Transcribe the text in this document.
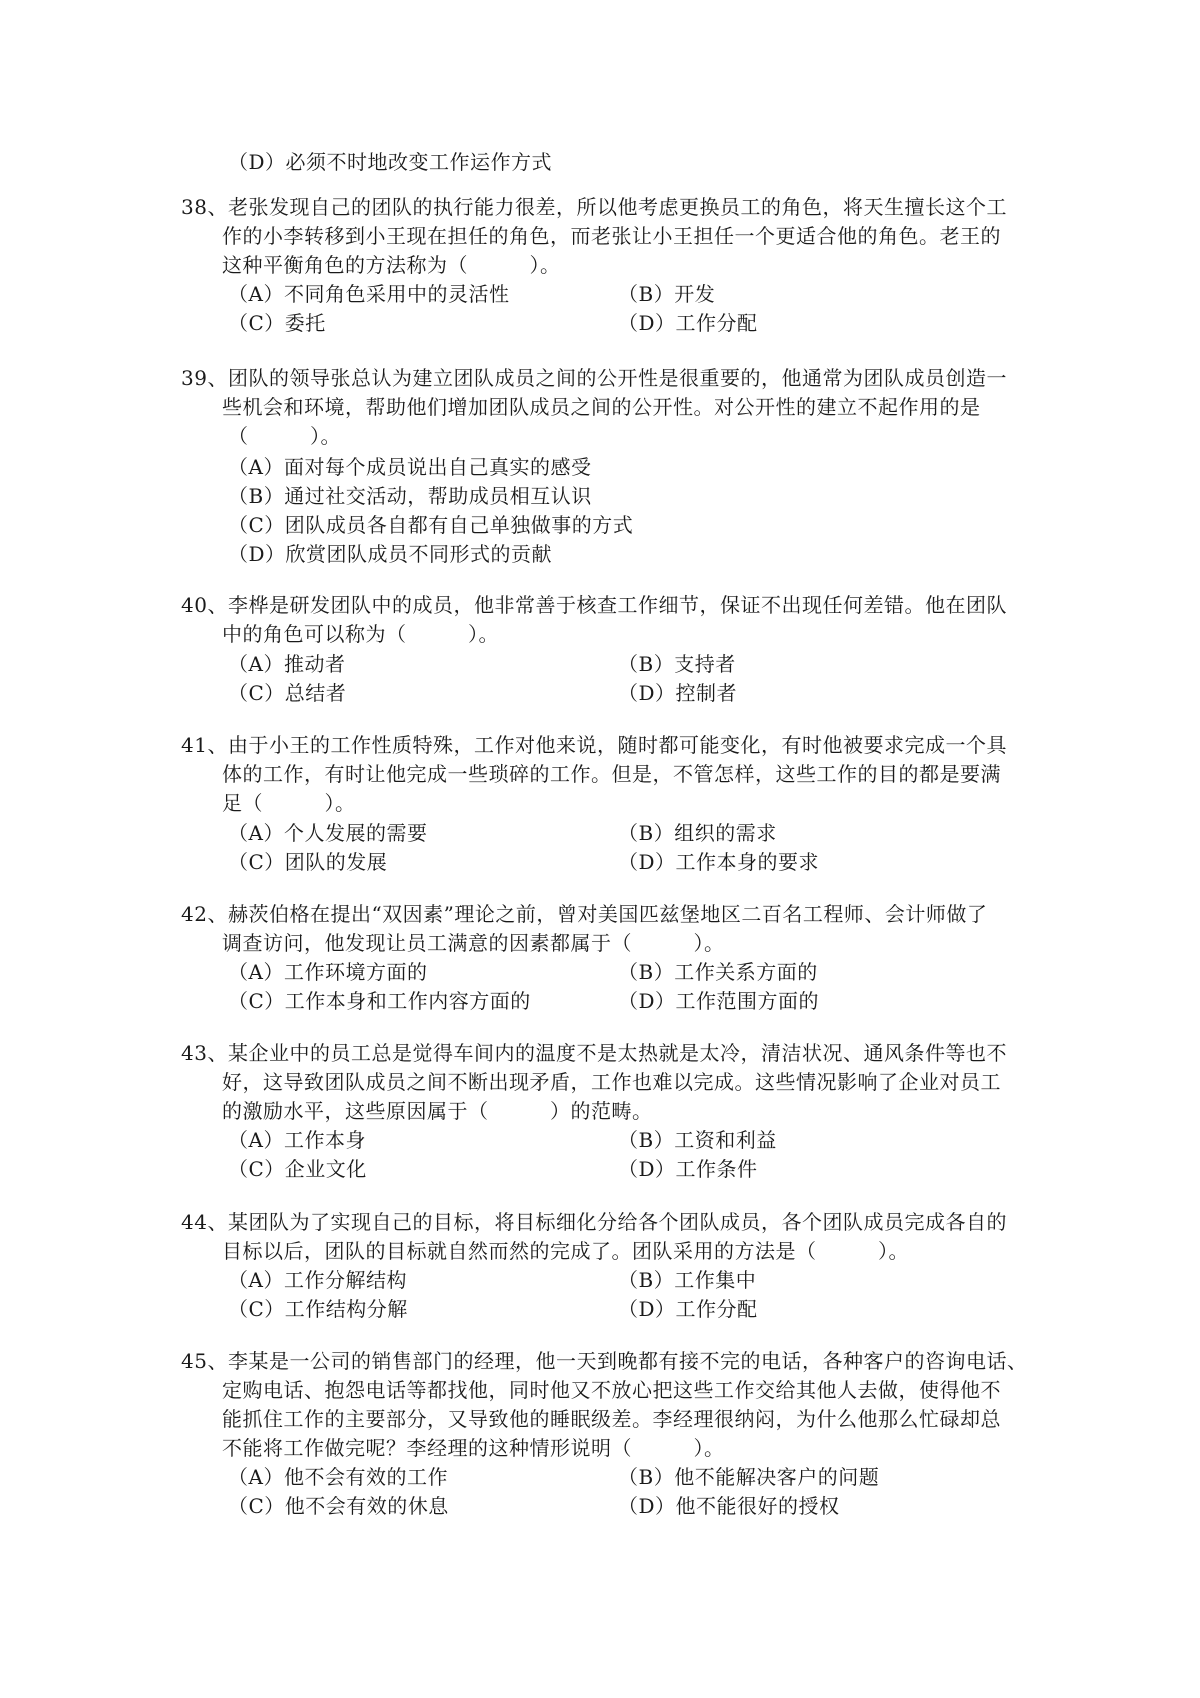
（D）必须不时地改变工作运作方式
38、老张发现自己的团队的执行能力很差，所以他考虑更换员工的角色，将天生擅长这个工
作的小李转移到小王现在担任的角色，而老张让小王担任一个更适合他的角色。老王的
这种平衡角色的方法称为（　　　）。
（A）不同角色采用中的灵活性	（B）开发
（C）委托	（D）工作分配
39、团队的领导张总认为建立团队成员之间的公开性是很重要的，他通常为团队成员创造一
些机会和环境，帮助他们增加团队成员之间的公开性。对公开性的建立不起作用的是
（　　　）。
（A）面对每个成员说出自己真实的感受
（B）通过社交活动，帮助成员相互认识
（C）团队成员各自都有自己单独做事的方式
（D）欣赏团队成员不同形式的贡献
40、李桦是研发团队中的成员，他非常善于核查工作细节，保证不出现任何差错。他在团队
中的角色可以称为（　　　）。
（A）推动者	（B）支持者
（C）总结者	（D）控制者
41、由于小王的工作性质特殊，工作对他来说，随时都可能变化，有时他被要求完成一个具
体的工作，有时让他完成一些琐碎的工作。但是，不管怎样，这些工作的目的都是要满
足（　　　）。
（A）个人发展的需要	（B）组织的需求
（C）团队的发展	（D）工作本身的要求
42、赫茨伯格在提出“双因素”理论之前，曾对美国匹兹堡地区二百名工程师、会计师做了
调查访问，他发现让员工满意的因素都属于（　　　）。
（A）工作环境方面的	（B）工作关系方面的
（C）工作本身和工作内容方面的	（D）工作范围方面的
43、某企业中的员工总是觉得车间内的温度不是太热就是太冷，清洁状况、通风条件等也不
好，这导致团队成员之间不断出现矛盾，工作也难以完成。这些情况影响了企业对员工
的激励水平，这些原因属于（　　　）的范畴。
（A）工作本身	（B）工资和利益
（C）企业文化	（D）工作条件
44、某团队为了实现自己的目标，将目标细化分给各个团队成员，各个团队成员完成各自的
目标以后，团队的目标就自然而然的完成了。团队采用的方法是（　　　）。
（A）工作分解结构	（B）工作集中
（C）工作结构分解	（D）工作分配
45、李某是一公司的销售部门的经理，他一天到晚都有接不完的电话，各种客户的咨询电话、
定购电话、抱怨电话等都找他，同时他又不放心把这些工作交给其他人去做，使得他不
能抓住工作的主要部分，又导致他的睡眠级差。李经理很纳闷，为什么他那么忙碌却总
不能将工作做完呢？李经理的这种情形说明（　　　）。
（A）他不会有效的工作	（B）他不能解决客户的问题
（C）他不会有效的休息	（D）他不能很好的授权
